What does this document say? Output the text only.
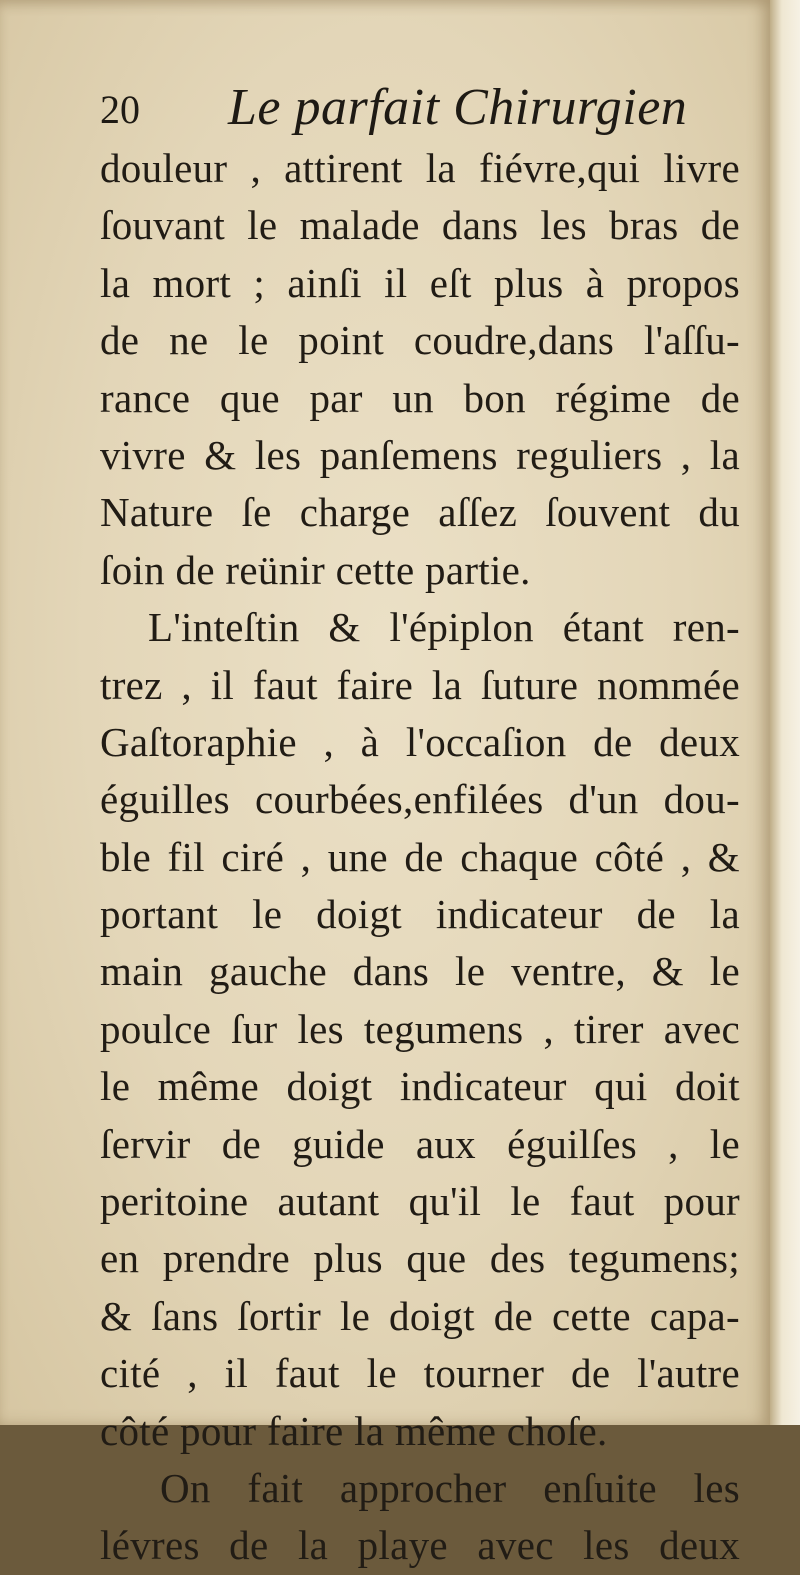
20 Le parfait Chirurgien
douleur , attirent la fiévre,qui livre
ſouvant le malade dans les bras de
la mort ; ainſi il eſt plus à propos
de ne le point coudre,dans l'aſſu-
rance que par un bon régime de
vivre & les panſemens reguliers , la
Nature ſe charge aſſez ſouvent du
ſoin de reünir cette partie.
L'inteſtin & l'épiplon étant ren-
trez , il faut faire la ſuture nommée
Gaſtoraphie , à l'occaſion de deux
éguilles courbées,enfilées d'un dou-
ble fil ciré , une de chaque côté , &
portant le doigt indicateur de la
main gauche dans le ventre, & le
poulce ſur les tegumens , tirer avec
le même doigt indicateur qui doit
ſervir de guide aux éguilſes , le
peritoine autant qu'il le faut pour
en prendre plus que des tegumens;
& ſans ſortir le doigt de cette capa-
cité , il faut le tourner de l'autre
côté pour faire la même choſe.
On fait approcher enſuite les
lévres de la playe avec les deux
